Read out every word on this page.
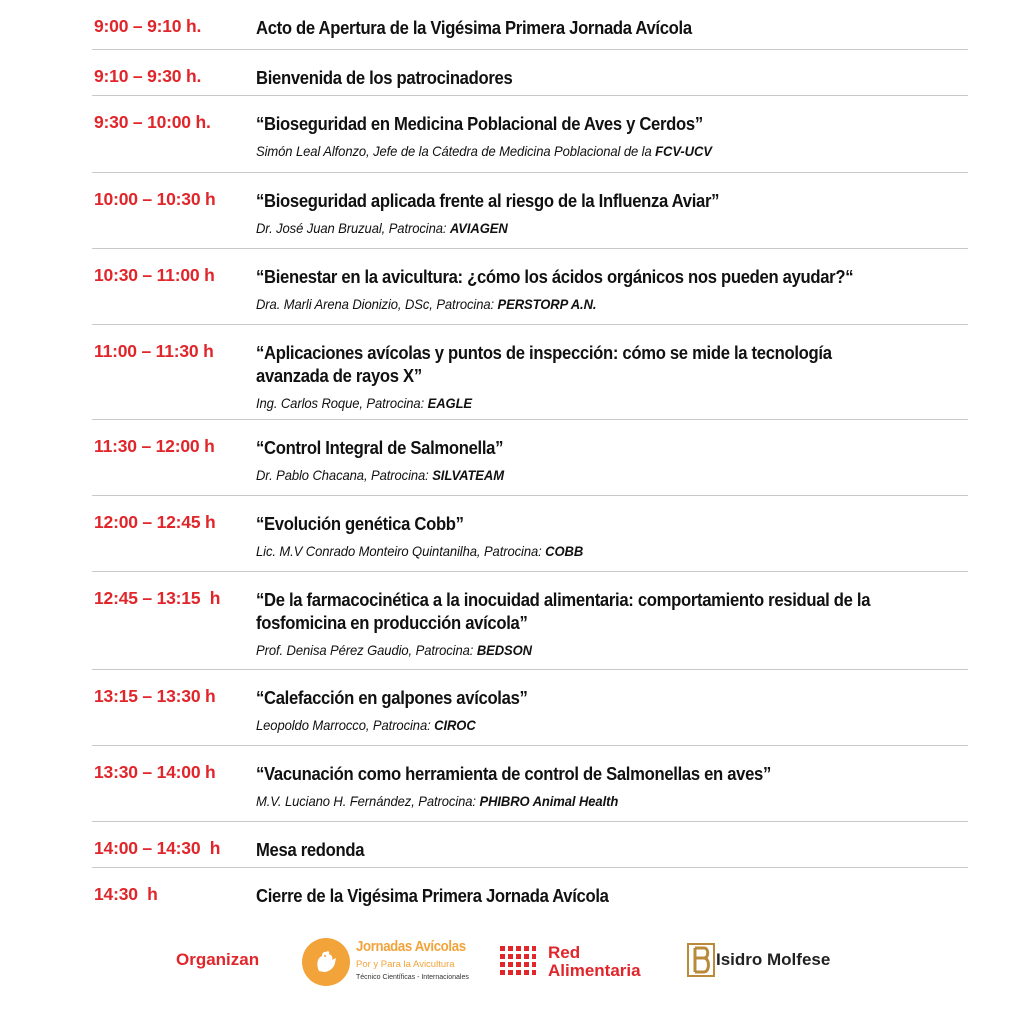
9:00 – 9:10 h.	Acto de Apertura de la Vigésima Primera Jornada Avícola
9:10 – 9:30 h.	Bienvenida de los patrocinadores
9:30 – 10:00 h. “Bioseguridad en Medicina Poblacional de Aves y Cerdos”
Simón Leal Alfonzo, Jefe de la Cátedra de Medicina Poblacional de la FCV-UCV
10:00 – 10:30 h “Bioseguridad aplicada frente al riesgo de la Influenza Aviar”
Dr. José Juan Bruzual, Patrocina: AVIAGEN
10:30 – 11:00 h “Bienestar en la avicultura: ¿cómo los ácidos orgánicos nos pueden ayudar?“
Dra. Marli Arena Dionizio, DSc, Patrocina: PERSTORP A.N.
11:00 – 11:30 h “Aplicaciones avícolas y puntos de inspección: cómo se mide la tecnología avanzada de rayos X”
Ing. Carlos Roque, Patrocina: EAGLE
11:30 – 12:00 h “Control Integral de Salmonella”
Dr. Pablo Chacana, Patrocina: SILVATEAM
12:00 – 12:45 h “Evolución genética Cobb”
Lic. M.V Conrado Monteiro Quintanilha, Patrocina: COBB
12:45 – 13:15  h “De la farmacocinética a la inocuidad alimentaria: comportamiento residual de la fosfomicina en producción avícola”
Prof. Denisa Pérez Gaudio, Patrocina: BEDSON
13:15 – 13:30 h “Calefacción en galpones avícolas”
Leopoldo Marrocco, Patrocina: CIROC
13:30 – 14:00 h “Vacunación como herramienta de control de Salmonellas en aves”
M.V. Luciano H. Fernández, Patrocina: PHIBRO Animal Health
14:00 – 14:30  h Mesa redonda
14:30  h	Cierre de la Vigésima Primera Jornada Avícola
Organizan
Jornadas Avícolas
Por y Para la Avicultura
Técnico Científicas - Internacionales
Red
Alimentaria
Isidro Molfese
